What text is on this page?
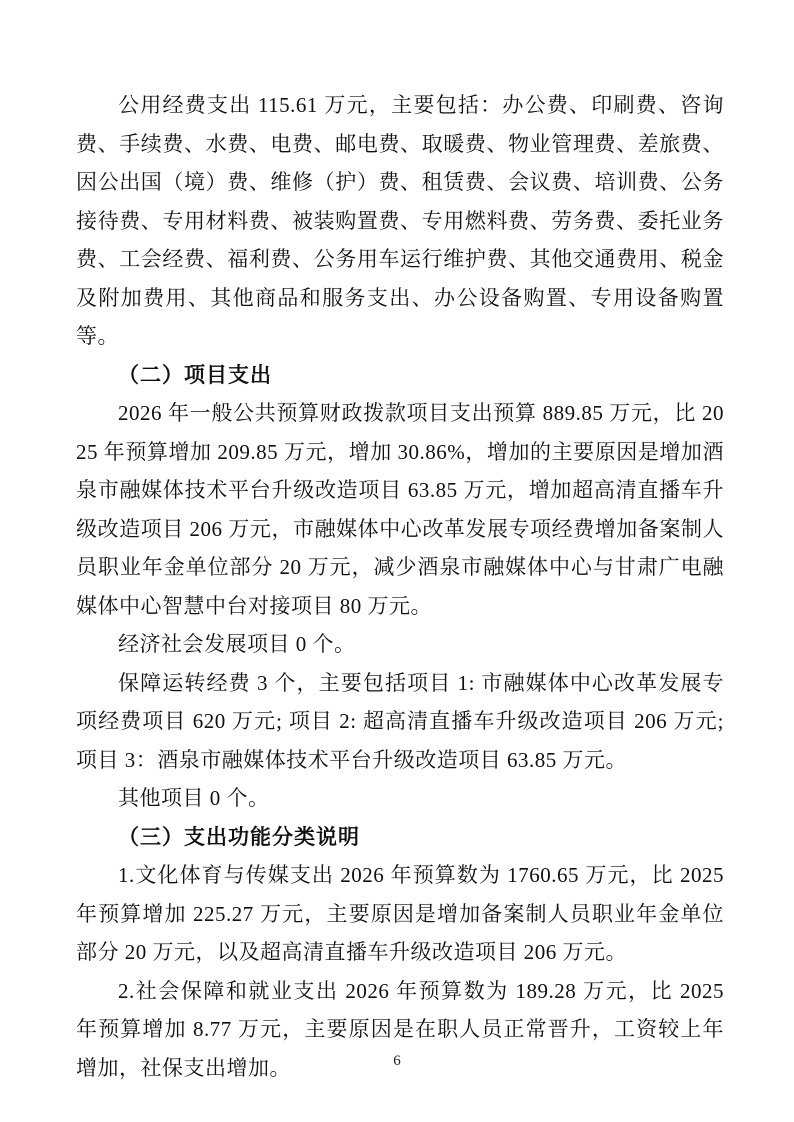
公用经费支出 115.61 万元，主要包括：办公费、印刷费、咨询费、手续费、水费、电费、邮电费、取暖费、物业管理费、差旅费、因公出国（境）费、维修（护）费、租赁费、会议费、培训费、公务接待费、专用材料费、被装购置费、专用燃料费、劳务费、委托业务费、工会经费、福利费、公务用车运行维护费、其他交通费用、税金及附加费用、其他商品和服务支出、办公设备购置、专用设备购置等。

（二）项目支出

2026 年一般公共预算财政拨款项目支出预算 889.85 万元，比 2025 年预算增加 209.85 万元，增加 30.86%，增加的主要原因是增加酒泉市融媒体技术平台升级改造项目 63.85 万元，增加超高清直播车升级改造项目 206 万元，市融媒体中心改革发展专项经费增加备案制人员职业年金单位部分 20 万元，减少酒泉市融媒体中心与甘肃广电融媒体中心智慧中台对接项目 80 万元。

经济社会发展项目 0 个。

保障运转经费 3 个，主要包括项目 1: 市融媒体中心改革发展专项经费项目 620 万元; 项目 2: 超高清直播车升级改造项目 206 万元; 项目 3：酒泉市融媒体技术平台升级改造项目 63.85 万元。

其他项目 0 个。

（三）支出功能分类说明

1.文化体育与传媒支出 2026 年预算数为 1760.65 万元，比 2025 年预算增加 225.27 万元，主要原因是增加备案制人员职业年金单位部分 20 万元，以及超高清直播车升级改造项目 206 万元。

2.社会保障和就业支出 2026 年预算数为 189.28 万元，比 2025 年预算增加 8.77 万元，主要原因是在职人员正常晋升，工资较上年增加，社保支出增加。	6
